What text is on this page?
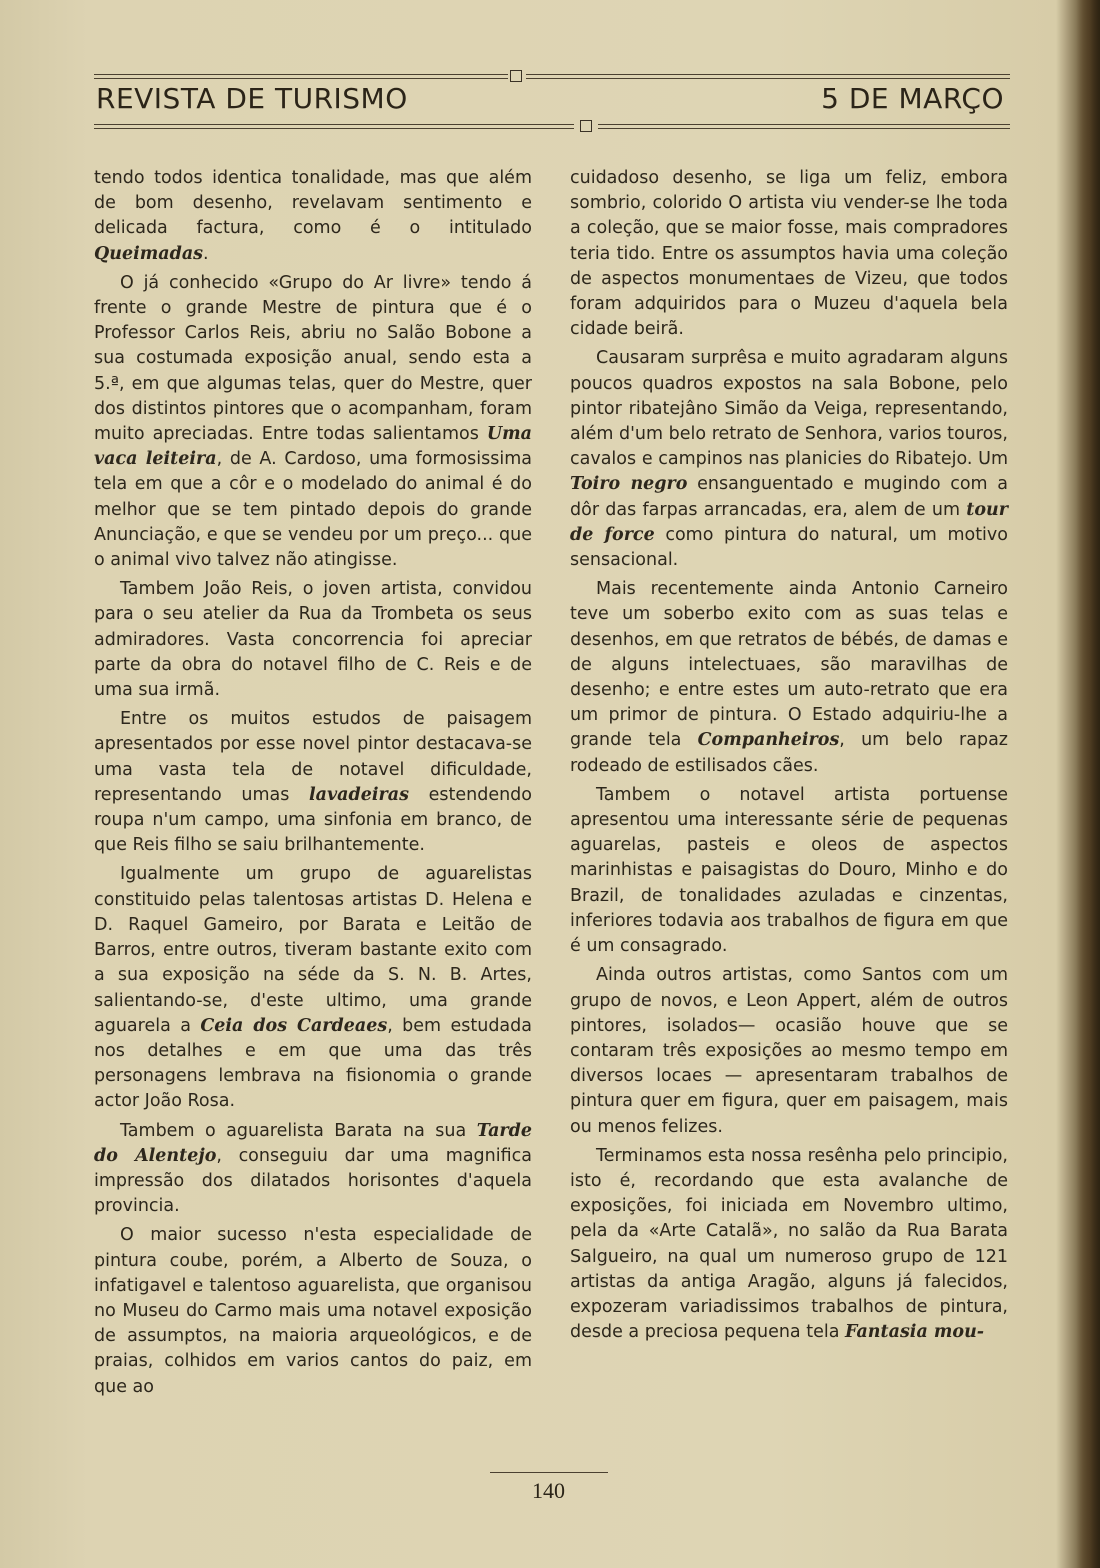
REVISTA DE TURISMO	5 DE MARÇO

tendo todos identica tonalidade, mas que além de bom desenho, revelavam sentimento e delicada factura, como é o intitulado Queimadas.

O já conhecido «Grupo do Ar livre» tendo á frente o grande Mestre de pintura que é o Professor Carlos Reis, abriu no Salão Bobone a sua costumada exposição anual, sendo esta a 5.ª, em que algumas telas, quer do Mestre, quer dos distintos pintores que o acompanham, foram muito apreciadas. Entre todas salientamos Uma vaca leiteira, de A. Cardoso, uma formosissima tela em que a côr e o modelado do animal é do melhor que se tem pintado depois do grande Anunciação, e que se vendeu por um preço... que o animal vivo talvez não atingisse.

Tambem João Reis, o joven artista, convidou para o seu atelier da Rua da Trombeta os seus admiradores. Vasta concorrencia foi apreciar parte da obra do notavel filho de C. Reis e de uma sua irmã.

Entre os muitos estudos de paisagem apresentados por esse novel pintor destacava-se uma vasta tela de notavel dificuldade, representando umas lavadeiras estendendo roupa n'um campo, uma sinfonia em branco, de que Reis filho se saiu brilhantemente.

Igualmente um grupo de aguarelistas constituido pelas talentosas artistas D. Helena e D. Raquel Gameiro, por Barata e Leitão de Barros, entre outros, tiveram bastante exito com a sua exposição na séde da S. N. B. Artes, salientando-se, d'este ultimo, uma grande aguarela a Ceia dos Cardeaes, bem estudada nos detalhes e em que uma das três personagens lembrava na fisionomia o grande actor João Rosa.

Tambem o aguarelista Barata na sua Tarde do Alentejo, conseguiu dar uma magnifica impressão dos dilatados horisontes d'aquela provincia.

O maior sucesso n'esta especialidade de pintura coube, porém, a Alberto de Souza, o infatigavel e talentoso aguarelista, que organisou no Museu do Carmo mais uma notavel exposição de assumptos, na maioria arqueológicos, e de praias, colhidos em varios cantos do paiz, em que ao

cuidadoso desenho, se liga um feliz, embora sombrio, colorido O artista viu vender-se lhe toda a coleção, que se maior fosse, mais compradores teria tido. Entre os assumptos havia uma coleção de aspectos monumentaes de Vizeu, que todos foram adquiridos para o Muzeu d'aquela bela cidade beirã.

Causaram surprêsa e muito agradaram alguns poucos quadros expostos na sala Bobone, pelo pintor ribatejâno Simão da Veiga, representando, além d'um belo retrato de Senhora, varios touros, cavalos e campinos nas planicies do Ribatejo. Um Toiro negro ensanguentado e mugindo com a dôr das farpas arrancadas, era, alem de um tour de force como pintura do natural, um motivo sensacional.

Mais recentemente ainda Antonio Carneiro teve um soberbo exito com as suas telas e desenhos, em que retratos de bébés, de damas e de alguns intelectuaes, são maravilhas de desenho; e entre estes um auto-retrato que era um primor de pintura. O Estado adquiriu-lhe a grande tela Companheiros, um belo rapaz rodeado de estilisados cães.

Tambem o notavel artista portuense apresentou uma interessante série de pequenas aguarelas, pasteis e oleos de aspectos marinhistas e paisagistas do Douro, Minho e do Brazil, de tonalidades azuladas e cinzentas, inferiores todavia aos trabalhos de figura em que é um consagrado.

Ainda outros artistas, como Santos com um grupo de novos, e Leon Appert, além de outros pintores, isolados— ocasião houve que se contaram três exposições ao mesmo tempo em diversos locaes — apresentaram trabalhos de pintura quer em figura, quer em paisagem, mais ou menos felizes.

Terminamos esta nossa resênha pelo principio, isto é, recordando que esta avalanche de exposições, foi iniciada em Novembro ultimo, pela da «Arte Catalã», no salão da Rua Barata Salgueiro, na qual um numeroso grupo de 121 artistas da antiga Aragão, alguns já falecidos, expozeram variadissimos trabalhos de pintura, desde a preciosa pequena tela Fantasia mou-

140
